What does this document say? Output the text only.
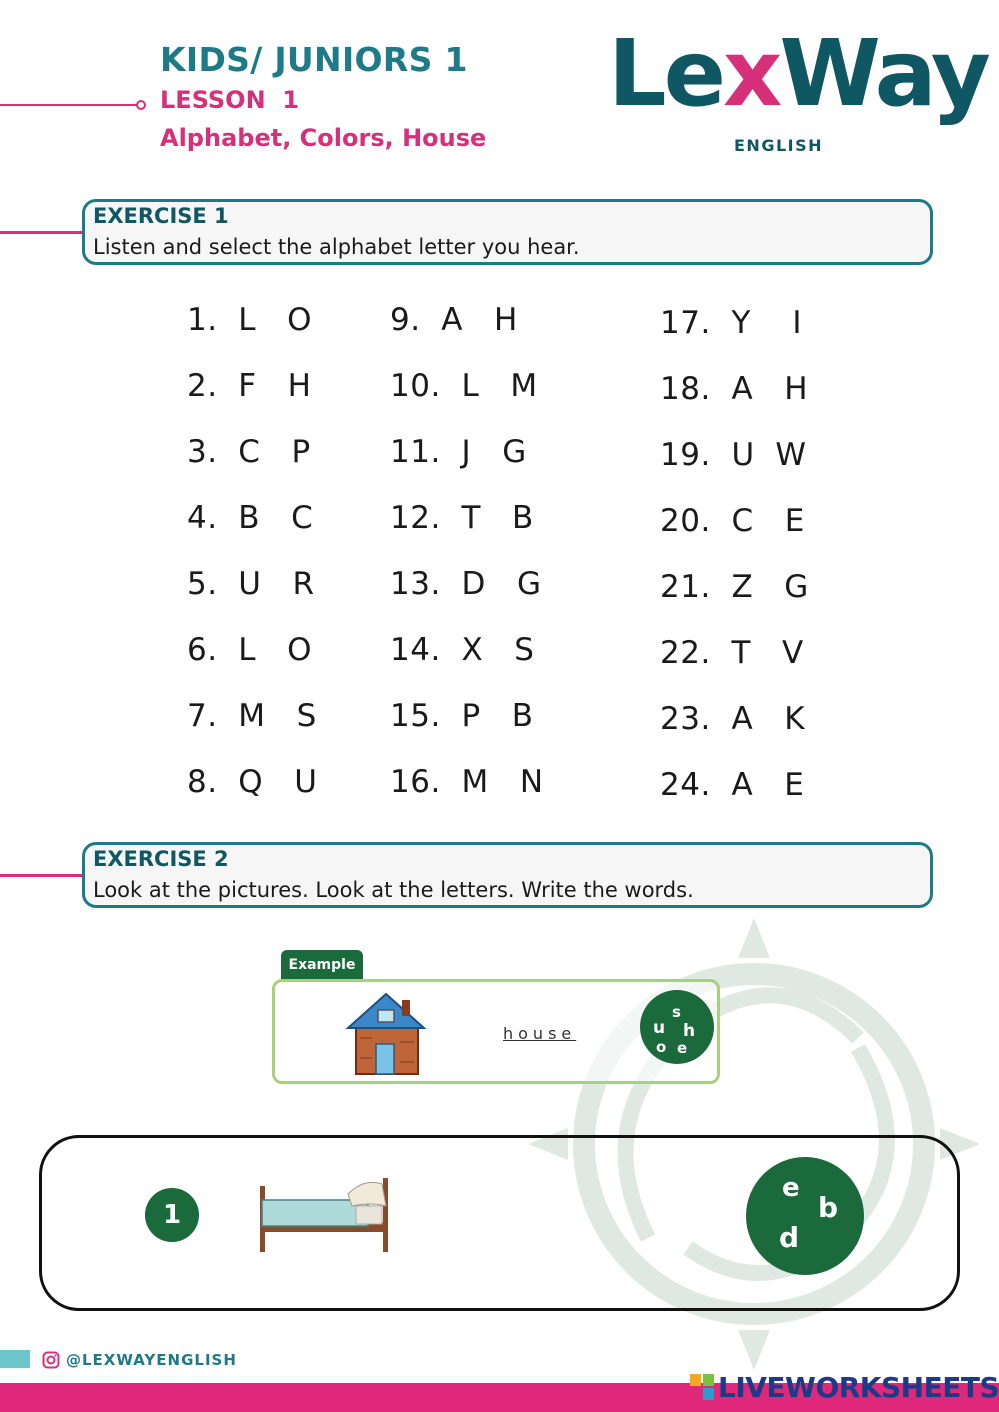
KIDS/ JUNIORS 1
LESSON  1
Alphabet, Colors, House
LexWay
ENGLISH
EXERCISE 1
Listen and select the alphabet letter you hear.
1.  L   O
2.  F   H
3.  C   P
4.  B   C
5.  U   R
6.  L   O
7.  M   S
8.  Q   U
9.  A   H
10.  L   M
11.  J   G
12.  T   B
13.  D   G
14.  X   S
15.  P   B
16.  M   N
17.  Y    I
18.  A   H
19.  U  W
20.  C   E
21.  Z   G
22.  T   V
23.  A   K
24.  A   E
EXERCISE 2
Look at the pictures. Look at the letters. Write the words.
Example
house
s
u h
o e
1
e
b
d
@LEXWAYENGLISH
LIVEWORKSHEETS
